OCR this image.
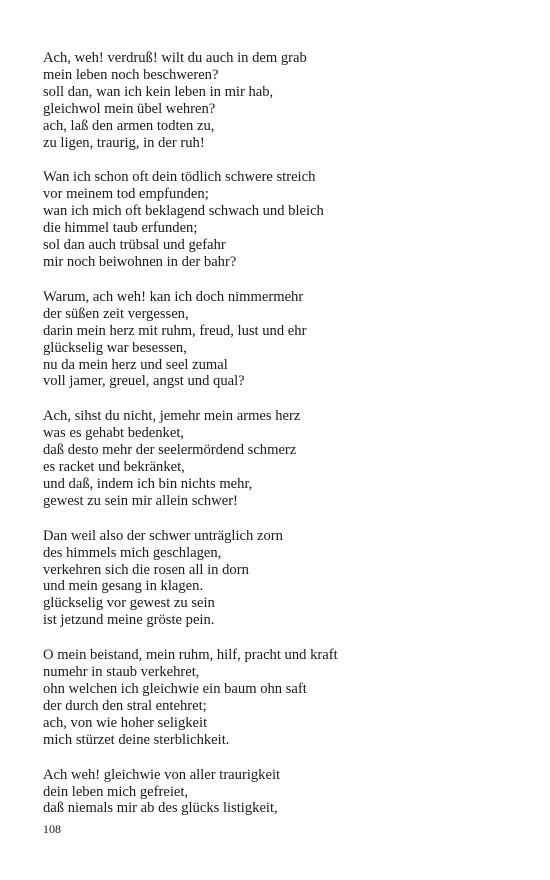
Ach, weh! verdruß! wilt du auch in dem grab
mein leben noch beschweren?
soll dan, wan ich kein leben in mir hab,
gleichwol mein übel wehren?
ach, laß den armen todten zu,
zu ligen, traurig, in der ruh!
Wan ich schon oft dein tödlich schwere streich
vor meinem tod empfunden;
wan ich mich oft beklagend schwach und bleich
die himmel taub erfunden;
sol dan auch trübsal und gefahr
mir noch beiwohnen in der bahr?
Warum, ach weh! kan ich doch nimmermehr
der süßen zeit vergessen,
darin mein herz mit ruhm, freud, lust und ehr
glückselig war besessen,
nu da mein herz und seel zumal
voll jamer, greuel, angst und qual?
Ach, sihst du nicht, jemehr mein armes herz
was es gehabt bedenket,
daß desto mehr der seelermördend schmerz
es racket und bekränket,
und daß, indem ich bin nichts mehr,
gewest zu sein mir allein schwer!
Dan weil also der schwer unträglich zorn
des himmels mich geschlagen,
verkehren sich die rosen all in dorn
und mein gesang in klagen.
glückselig vor gewest zu sein
ist jetzund meine gröste pein.
O mein beistand, mein ruhm, hilf, pracht und kraft
numehr in staub verkehret,
ohn welchen ich gleichwie ein baum ohn saft
der durch den stral entehret;
ach, von wie hoher seligkeit
mich stürzet deine sterblichkeit.
Ach weh! gleichwie von aller traurigkeit
dein leben mich gefreiet,
daß niemals mir ab des glücks listigkeit,
108
